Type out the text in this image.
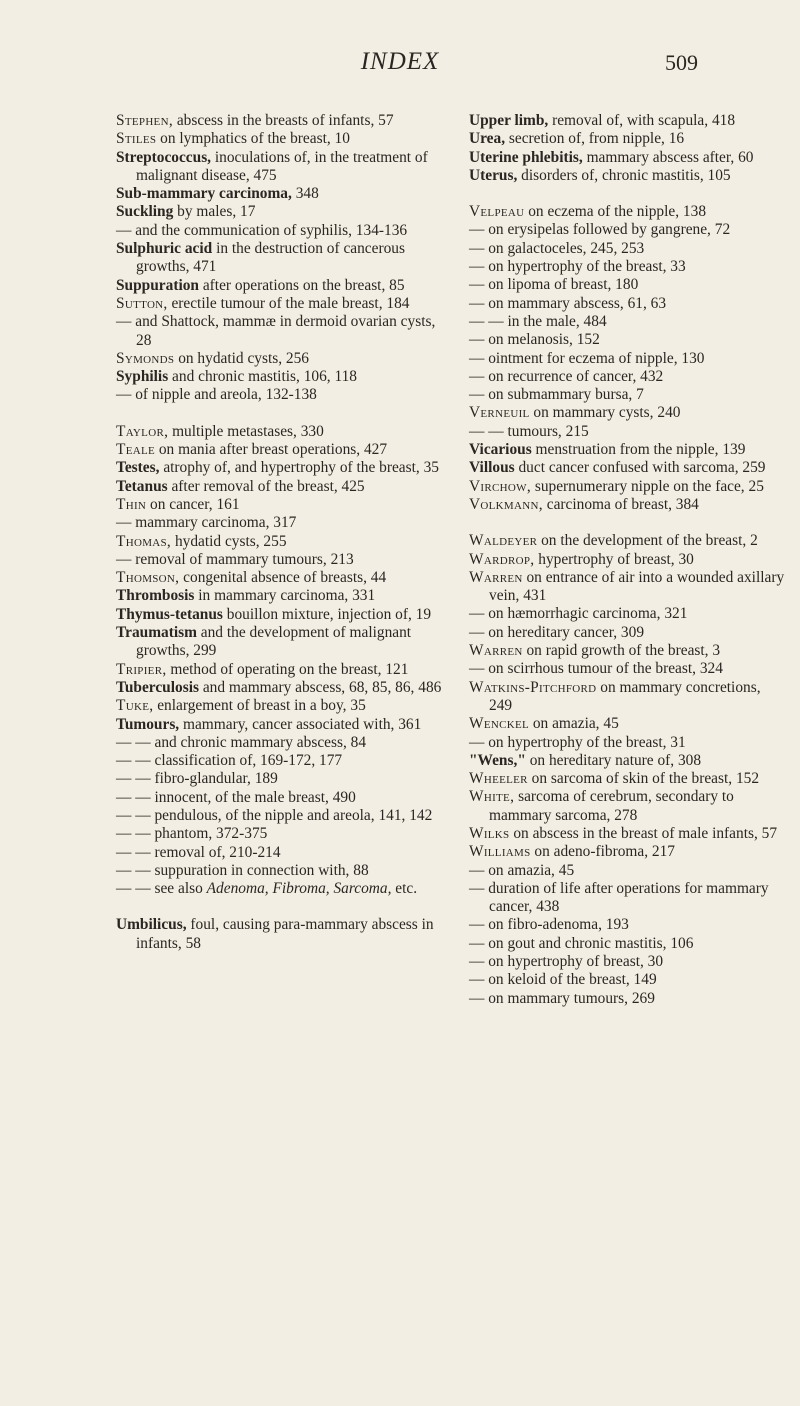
INDEX	509
Stephen, abscess in the breasts of infants, 57
Stiles on lymphatics of the breast, 10
Streptococcus, inoculations of, in the treatment of malignant disease, 475
Sub-mammary carcinoma, 348
Suckling by males, 17
— and the communication of syphilis, 134-136
Sulphuric acid in the destruction of cancerous growths, 471
Suppuration after operations on the breast, 85
Sutton, erectile tumour of the male breast, 184
— and Shattock, mammæ in dermoid ovarian cysts, 28
Symonds on hydatid cysts, 256
Syphilis and chronic mastitis, 106, 118
— of nipple and areola, 132-138
Taylor, multiple metastases, 330
Teale on mania after breast operations, 427
Testes, atrophy of, and hypertrophy of the breast, 35
Tetanus after removal of the breast, 425
Thin on cancer, 161
— mammary carcinoma, 317
Thomas, hydatid cysts, 255
— removal of mammary tumours, 213
Thomson, congenital absence of breasts, 44
Thrombosis in mammary carcinoma, 331
Thymus-tetanus bouillon mixture, injection of, 19
Traumatism and the development of malignant growths, 299
Tripier, method of operating on the breast, 121
Tuberculosis and mammary abscess, 68, 85, 86, 486
Tuke, enlargement of breast in a boy, 35
Tumours, mammary, cancer associated with, 361
— — and chronic mammary abscess, 84
— — classification of, 169-172, 177
— — fibro-glandular, 189
— — innocent, of the male breast, 490
— — pendulous, of the nipple and areola, 141, 142
— — phantom, 372-375
— — removal of, 210-214
— — suppuration in connection with, 88
— — see also Adenoma, Fibroma, Sarcoma, etc.
Umbilicus, foul, causing para-mammary abscess in infants, 58
Upper limb, removal of, with scapula, 418
Urea, secretion of, from nipple, 16
Uterine phlebitis, mammary abscess after, 60
Uterus, disorders of, chronic mastitis, 105
Velpeau on eczema of the nipple, 138
— on erysipelas followed by gangrene, 72
— on galactoceles, 245, 253
— on hypertrophy of the breast, 33
— on lipoma of breast, 180
— on mammary abscess, 61, 63
— — in the male, 484
— on melanosis, 152
— ointment for eczema of nipple, 130
— on recurrence of cancer, 432
— on submammary bursa, 7
Verneuil on mammary cysts, 240
— — tumours, 215
Vicarious menstruation from the nipple, 139
Villous duct cancer confused with sarcoma, 259
Virchow, supernumerary nipple on the face, 25
Volkmann, carcinoma of breast, 384
Waldeyer on the development of the breast, 2
Wardrop, hypertrophy of breast, 30
Warren on entrance of air into a wounded axillary vein, 431
— on hæmorrhagic carcinoma, 321
— on hereditary cancer, 309
Warren on rapid growth of the breast, 3
— on scirrhous tumour of the breast, 324
Watkins-Pitchford on mammary concretions, 249
Wenckel on amazia, 45
— on hypertrophy of the breast, 31
"Wens," on hereditary nature of, 308
Wheeler on sarcoma of skin of the breast, 152
White, sarcoma of cerebrum, secondary to mammary sarcoma, 278
Wilks on abscess in the breast of male infants, 57
Williams on adeno-fibroma, 217
— on amazia, 45
— duration of life after operations for mammary cancer, 438
— on fibro-adenoma, 193
— on gout and chronic mastitis, 106
— on hypertrophy of breast, 30
— on keloid of the breast, 149
— on mammary tumours, 269
